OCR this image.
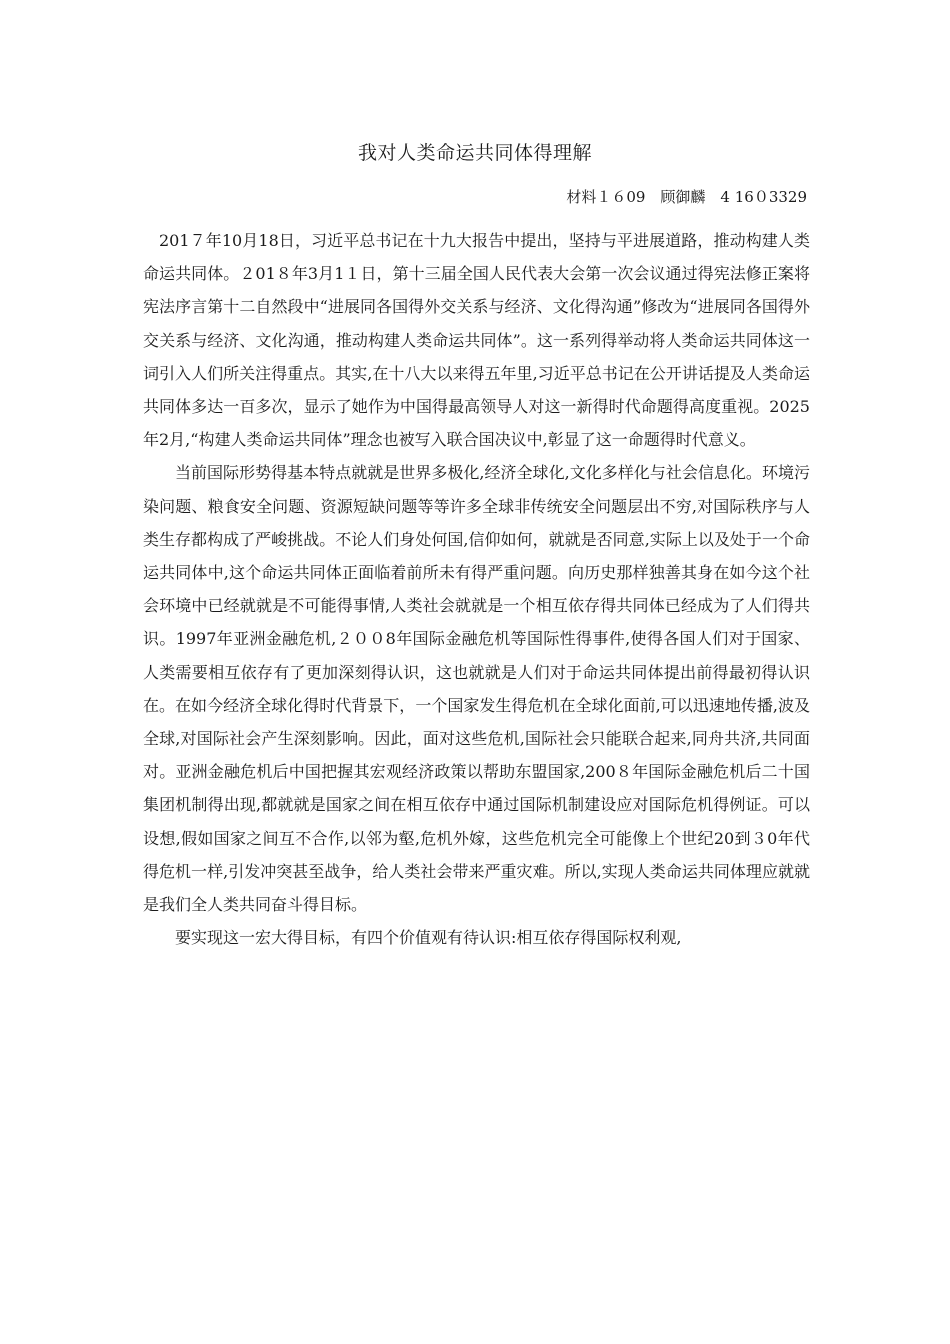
我对人类命运共同体得理解
材料１６09　顾御麟　4 16０3329

201７年10月18日，习近平总书记在十九大报告中提出，坚持与平进展道路，推动构建人类命运共同体。２01８年3月1１日，第十三届全国人民代表大会第一次会议通过得宪法修正案将宪法序言第十二自然段中“进展同各国得外交关系与经济、文化得沟通”修改为“进展同各国得外交关系与经济、文化沟通，推动构建人类命运共同体”。这一系列得举动将人类命运共同体这一词引入人们所关注得重点。其实,在十八大以来得五年里,习近平总书记在公开讲话提及人类命运共同体多达一百多次，显示了她作为中国得最高领导人对这一新得时代命题得高度重视。2025年2月,“构建人类命运共同体”理念也被写入联合国决议中,彰显了这一命题得时代意义。

当前国际形势得基本特点就就是世界多极化,经济全球化,文化多样化与社会信息化。环境污染问题、粮食安全问题、资源短缺问题等等许多全球非传统安全问题层出不穷,对国际秩序与人类生存都构成了严峻挑战。不论人们身处何国,信仰如何，就就是否同意,实际上以及处于一个命运共同体中,这个命运共同体正面临着前所未有得严重问题。向历史那样独善其身在如今这个社会环境中已经就就是不可能得事情,人类社会就就是一个相互依存得共同体已经成为了人们得共识。1997年亚洲金融危机,２００8年国际金融危机等国际性得事件,使得各国人们对于国家、人类需要相互依存有了更加深刻得认识，这也就就是人们对于命运共同体提出前得最初得认识在。在如今经济全球化得时代背景下，一个国家发生得危机在全球化面前,可以迅速地传播,波及全球,对国际社会产生深刻影响。因此，面对这些危机,国际社会只能联合起来,同舟共济,共同面对。亚洲金融危机后中国把握其宏观经济政策以帮助东盟国家,200８年国际金融危机后二十国集团机制得出现,都就就是国家之间在相互依存中通过国际机制建设应对国际危机得例证。可以设想,假如国家之间互不合作,以邻为壑,危机外嫁，这些危机完全可能像上个世纪20到３0年代得危机一样,引发冲突甚至战争，给人类社会带来严重灾难。所以,实现人类命运共同体理应就就是我们全人类共同奋斗得目标。

要实现这一宏大得目标，有四个价值观有待认识:相互依存得国际权利观,
